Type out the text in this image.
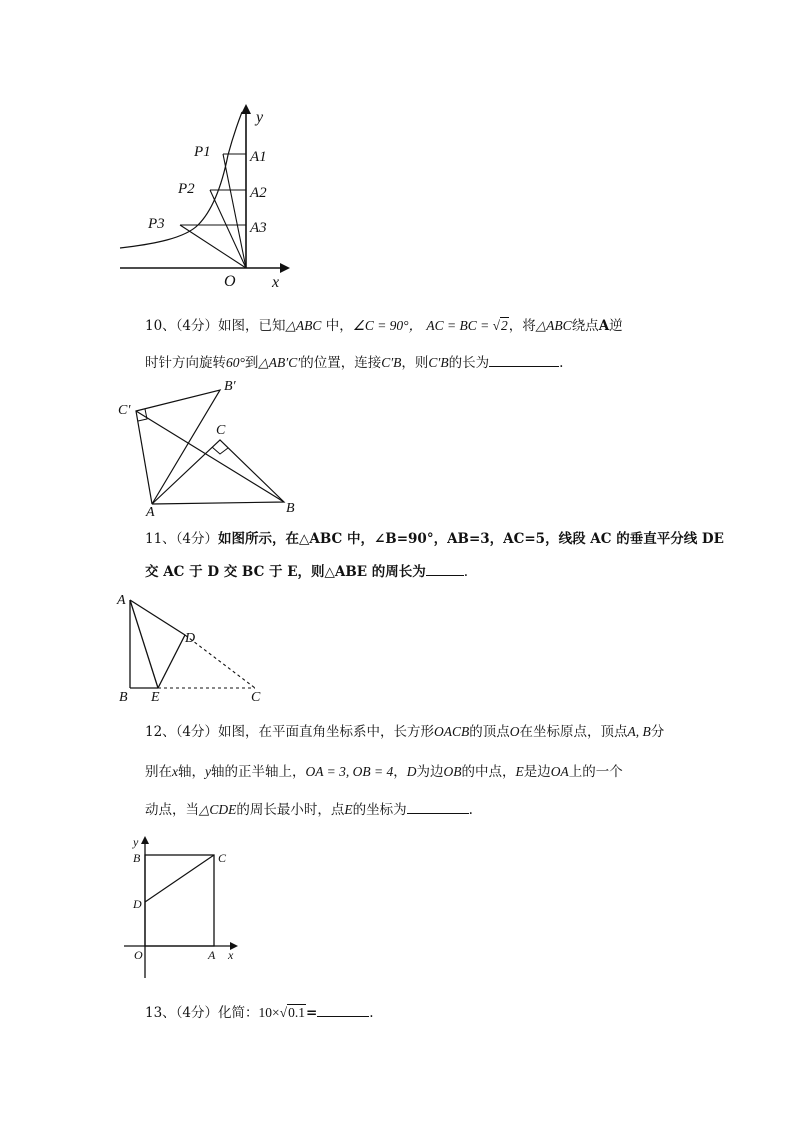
y
x
O
P1
P2
P3
A1
A2
A3
10、（4分）如图，已知△ABC 中，∠C = 90°， AC = BC = √2，将△ABC绕点A逆
时针方向旋转60°到△AB′C′的位置，连接C′B，则C′B的长为	.
B′
C′
C
A	B
11、（4分）如图所示，在△ABC 中，∠B=90°，AB=3，AC=5，线段 AC 的垂直平分线 DE
交 AC 于 D 交 BC 于 E，则△ABE 的周长为	.
A
D
B E	C
12、（4分）如图，在平面直角坐标系中，长方形OACB的顶点O在坐标原点，顶点A, B分
别在x轴，y轴的正半轴上，OA = 3, OB = 4，D为边OB的中点，E是边OA上的一个
动点，当△CDE的周长最小时，点E的坐标为	.
y
B	C
D
O	A x
13、（4分）化简：10×√0.1=	.
